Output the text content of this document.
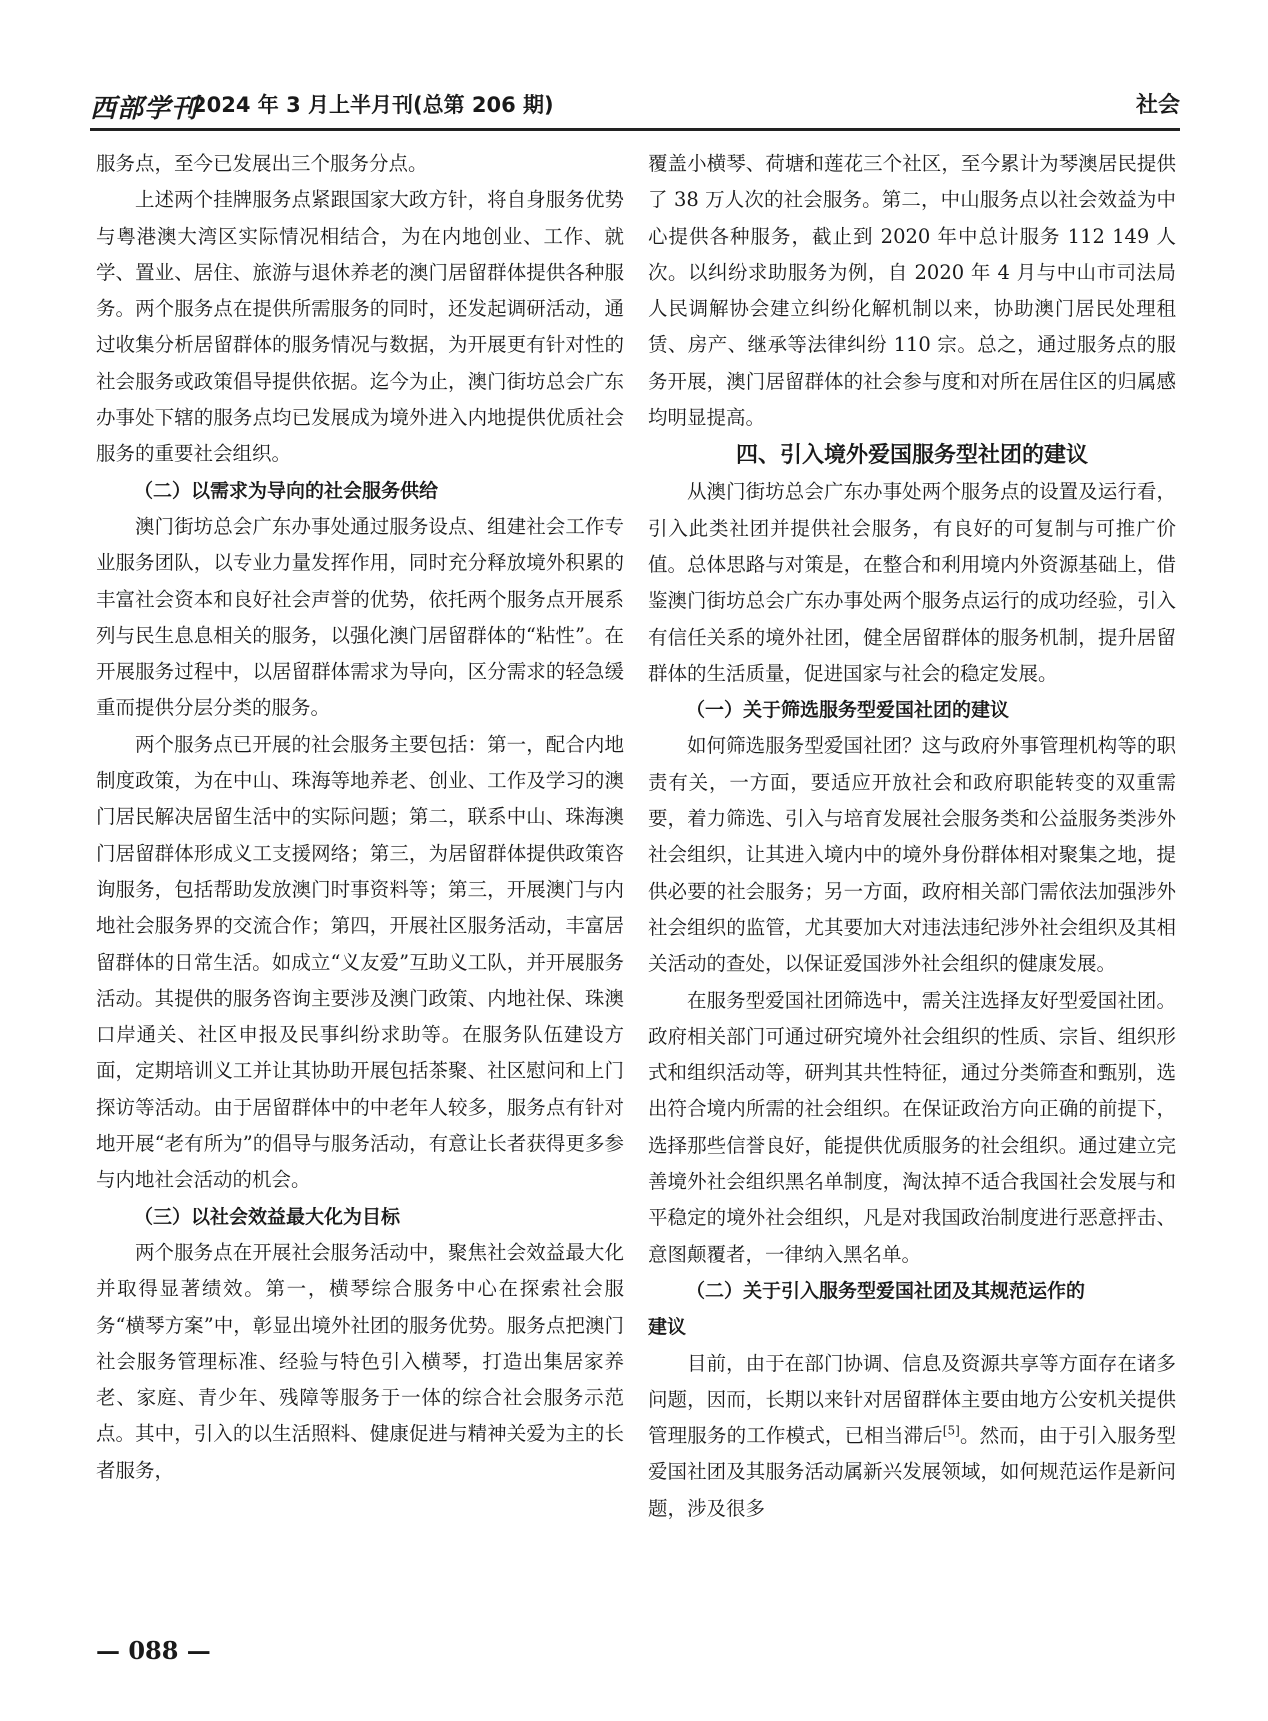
西部学刊
2024 年 3 月上半月刊(总第 206 期)	社会

服务点，至今已发展出三个服务分点。

上述两个挂牌服务点紧跟国家大政方针，将自身服务优势与粤港澳大湾区实际情况相结合，为在内地创业、工作、就学、置业、居住、旅游与退休养老的澳门居留群体提供各种服务。两个服务点在提供所需服务的同时，还发起调研活动，通过收集分析居留群体的服务情况与数据，为开展更有针对性的社会服务或政策倡导提供依据。迄今为止，澳门街坊总会广东办事处下辖的服务点均已发展成为境外进入内地提供优质社会服务的重要社会组织。

（二）以需求为导向的社会服务供给

澳门街坊总会广东办事处通过服务设点、组建社会工作专业服务团队，以专业力量发挥作用，同时充分释放境外积累的丰富社会资本和良好社会声誉的优势，依托两个服务点开展系列与民生息息相关的服务，以强化澳门居留群体的“粘性”。在开展服务过程中，以居留群体需求为导向，区分需求的轻急缓重而提供分层分类的服务。

两个服务点已开展的社会服务主要包括：第一，配合内地制度政策，为在中山、珠海等地养老、创业、工作及学习的澳门居民解决居留生活中的实际问题；第二，联系中山、珠海澳门居留群体形成义工支援网络；第三，为居留群体提供政策咨询服务，包括帮助发放澳门时事资料等；第三，开展澳门与内地社会服务界的交流合作；第四，开展社区服务活动，丰富居留群体的日常生活。如成立“义友爱”互助义工队，并开展服务活动。其提供的服务咨询主要涉及澳门政策、内地社保、珠澳口岸通关、社区申报及民事纠纷求助等。在服务队伍建设方面，定期培训义工并让其协助开展包括茶聚、社区慰问和上门探访等活动。由于居留群体中的中老年人较多，服务点有针对地开展“老有所为”的倡导与服务活动，有意让长者获得更多参与内地社会活动的机会。

（三）以社会效益最大化为目标

两个服务点在开展社会服务活动中，聚焦社会效益最大化并取得显著绩效。第一，横琴综合服务中心在探索社会服务“横琴方案”中，彰显出境外社团的服务优势。服务点把澳门社会服务管理标准、经验与特色引入横琴，打造出集居家养老、家庭、青少年、残障等服务于一体的综合社会服务示范点。其中，引入的以生活照料、健康促进与精神关爱为主的长者服务，

覆盖小横琴、荷塘和莲花三个社区，至今累计为琴澳居民提供了 38 万人次的社会服务。第二，中山服务点以社会效益为中心提供各种服务，截止到 2020 年中总计服务 112 149 人次。以纠纷求助服务为例，自 2020 年 4 月与中山市司法局人民调解协会建立纠纷化解机制以来，协助澳门居民处理租赁、房产、继承等法律纠纷 110 宗。总之，通过服务点的服务开展，澳门居留群体的社会参与度和对所在居住区的归属感均明显提高。

四、引入境外爱国服务型社团的建议

从澳门街坊总会广东办事处两个服务点的设置及运行看，引入此类社团并提供社会服务，有良好的可复制与可推广价值。总体思路与对策是，在整合和利用境内外资源基础上，借鉴澳门街坊总会广东办事处两个服务点运行的成功经验，引入有信任关系的境外社团，健全居留群体的服务机制，提升居留群体的生活质量，促进国家与社会的稳定发展。

（一）关于筛选服务型爱国社团的建议

如何筛选服务型爱国社团？这与政府外事管理机构等的职责有关，一方面，要适应开放社会和政府职能转变的双重需要，着力筛选、引入与培育发展社会服务类和公益服务类涉外社会组织，让其进入境内中的境外身份群体相对聚集之地，提供必要的社会服务；另一方面，政府相关部门需依法加强涉外社会组织的监管，尤其要加大对违法违纪涉外社会组织及其相关活动的查处，以保证爱国涉外社会组织的健康发展。

在服务型爱国社团筛选中，需关注选择友好型爱国社团。政府相关部门可通过研究境外社会组织的性质、宗旨、组织形式和组织活动等，研判其共性特征，通过分类筛查和甄别，选出符合境内所需的社会组织。在保证政治方向正确的前提下，选择那些信誉良好，能提供优质服务的社会组织。通过建立完善境外社会组织黑名单制度，淘汰掉不适合我国社会发展与和平稳定的境外社会组织，凡是对我国政治制度进行恶意抨击、意图颠覆者，一律纳入黑名单。

（二）关于引入服务型爱国社团及其规范运作的
建议

目前，由于在部门协调、信息及资源共享等方面存在诸多问题，因而，长期以来针对居留群体主要由地方公安机关提供管理服务的工作模式，已相当滞后[5]。然而，由于引入服务型爱国社团及其服务活动属新兴发展领域，如何规范运作是新问题，涉及很多

— 088 —
